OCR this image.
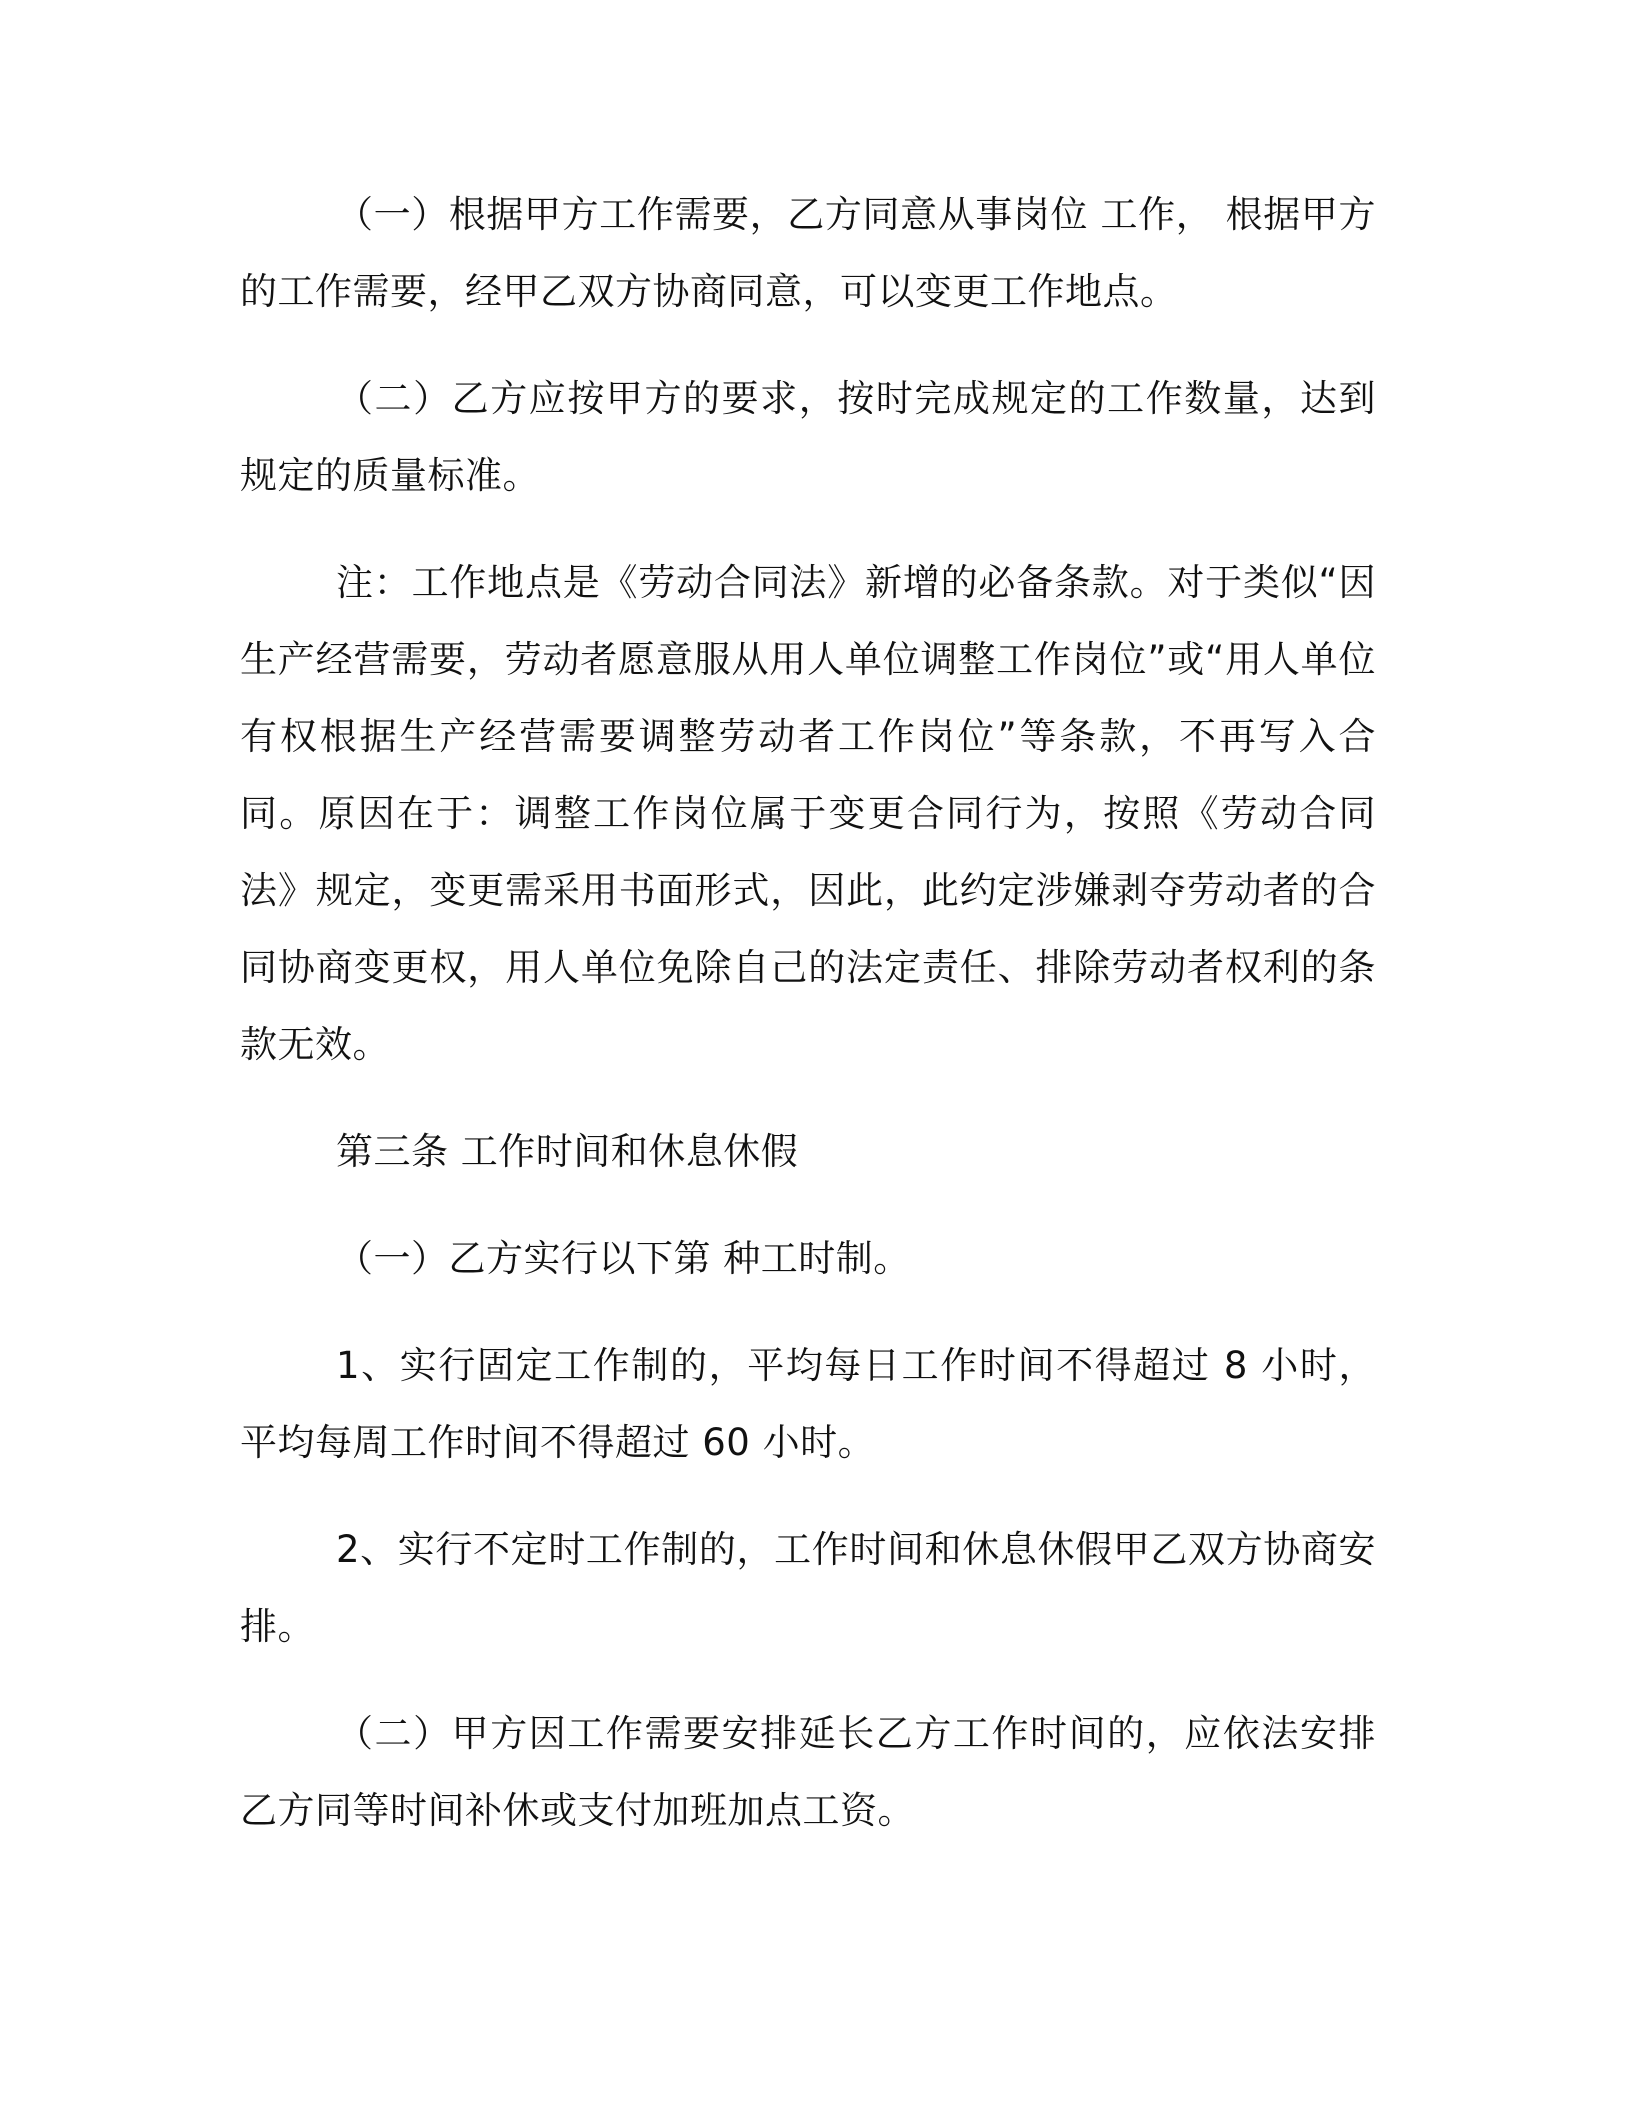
（一）根据甲方工作需要，乙方同意从事岗位 工作， 根据甲方的工作需要，经甲乙双方协商同意，可以变更工作地点。

（二）乙方应按甲方的要求，按时完成规定的工作数量，达到规定的质量标准。

注：工作地点是《劳动合同法》新增的必备条款。对于类似“因生产经营需要，劳动者愿意服从用人单位调整工作岗位”或“用人单位有权根据生产经营需要调整劳动者工作岗位”等条款，不再写入合同。原因在于：调整工作岗位属于变更合同行为，按照《劳动合同法》规定，变更需采用书面形式，因此，此约定涉嫌剥夺劳动者的合同协商变更权，用人单位免除自己的法定责任、排除劳动者权利的条款无效。

第三条 工作时间和休息休假

（一）乙方实行以下第 种工时制。

1、实行固定工作制的，平均每日工作时间不得超过 8 小时，平均每周工作时间不得超过 60 小时。

2、实行不定时工作制的，工作时间和休息休假甲乙双方协商安排。

（二）甲方因工作需要安排延长乙方工作时间的，应依法安排乙方同等时间补休或支付加班加点工资。
